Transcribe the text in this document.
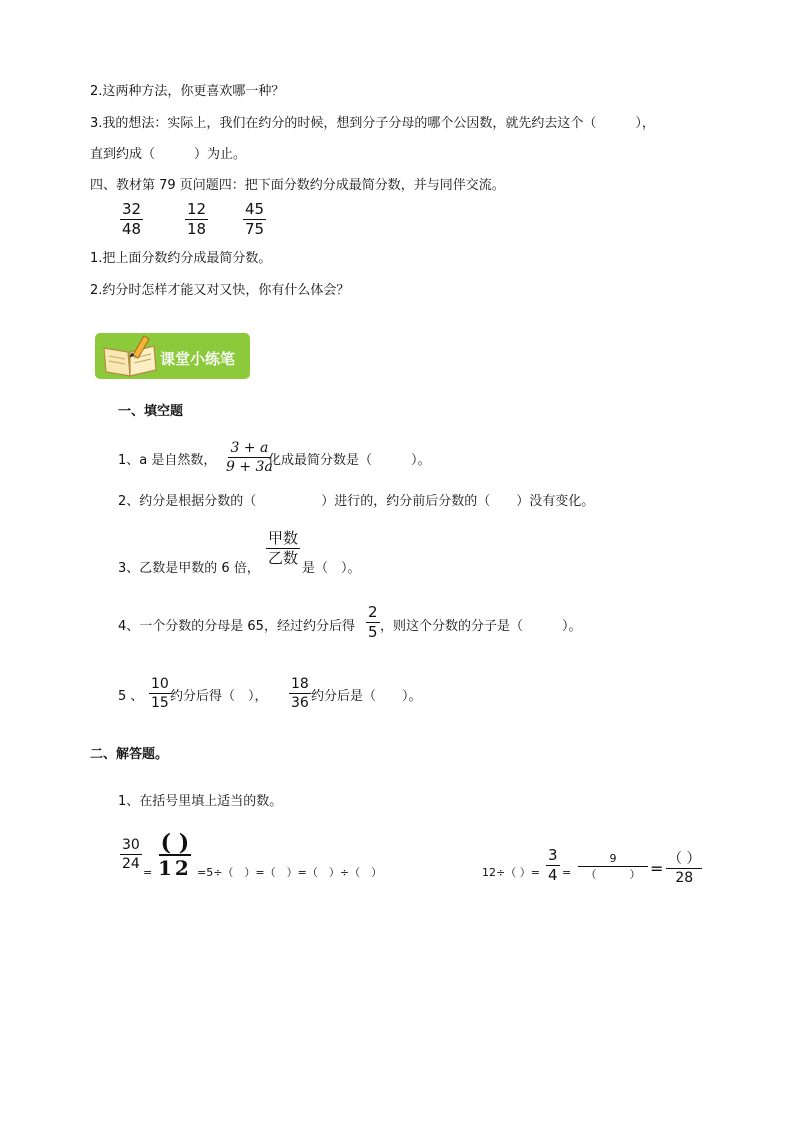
2.这两种方法，你更喜欢哪一种？
3.我的想法：实际上，我们在约分的时候，想到分子分母的哪个公因数，就先约去这个（　　　），
直到约成（　　　）为止。
四、教材第 79 页问题四：把下面分数约分成最简分数，并与同伴交流。
$\frac{32}{48}$	$\frac{12}{18} \frac{45}{75}$
1.把上面分数约分成最简分数。
2.约分时怎样才能又对又快，你有什么体会？
课堂小练笔
一、填空题
1、a 是自然数， $\frac{3 + a}{9 + 3a}$
化成最简分数是（　　　）。
2、约分是根据分数的（　　　　　）进行的，约分前后分数的（　　）没有变化。
3、乙数是甲数的 6 倍，
甲数
乙数
是（　）。
4、一个分数的分母是 65，经过约分后得 $\frac{2}{5}$ ，则这个分数的分子是（　　　）。
5 、 $\frac{10}{15}$ 约分后得（　）， $\frac{18}{36}$ 约分后是（　　）。
二、解答题。
1、在括号里填上适当的数。
$\frac{30}{24}$
=
( )
12 =5÷（　）=（　）=（　）÷（　）	12÷（ ）= $\frac{3}{4}$ =
9
（　　　） = （ ）
28
